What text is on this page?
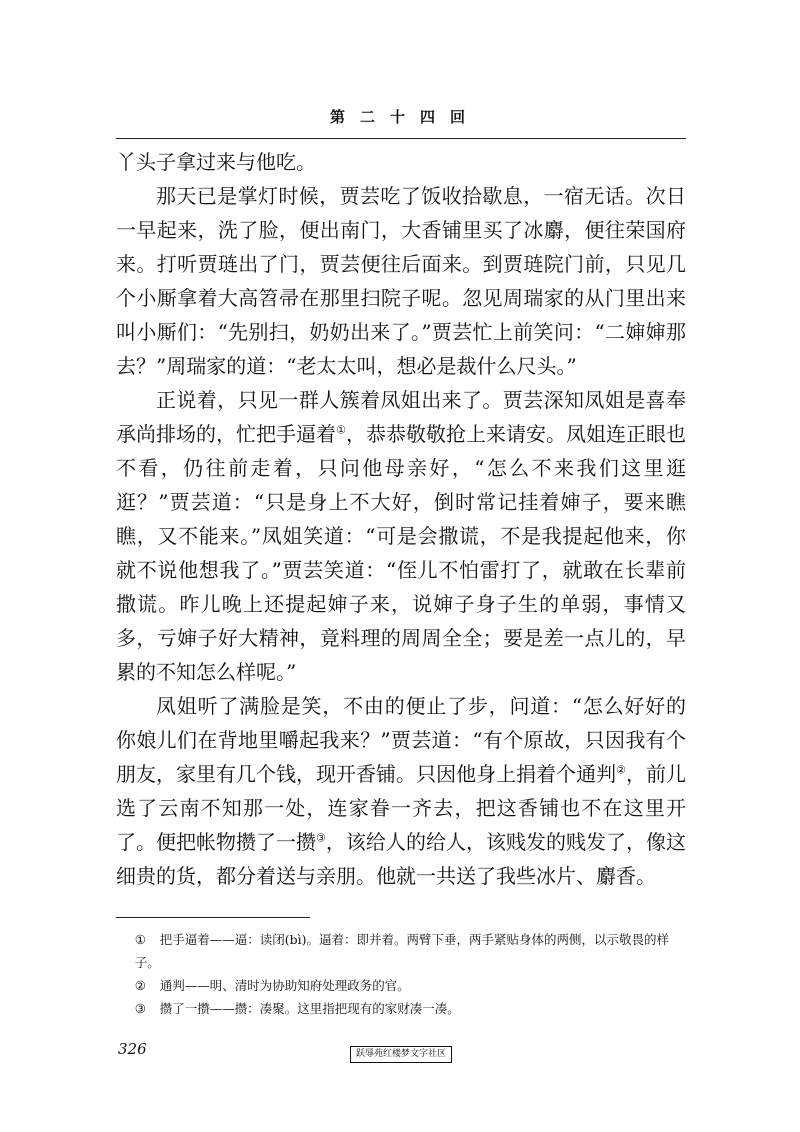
第二十四回

丫头子拿过来与他吃。

那天已是掌灯时候，贾芸吃了饭收拾歇息，一宿无话。次日一早起来，洗了脸，便出南门，大香铺里买了冰麝，便往荣国府来。打听贾琏出了门，贾芸便往后面来。到贾琏院门前，只见几个小厮拿着大高笤帚在那里扫院子呢。忽见周瑞家的从门里出来叫小厮们：“先别扫，奶奶出来了。”贾芸忙上前笑问：“二婶婶那去？”周瑞家的道：“老太太叫，想必是裁什么尺头。”

正说着，只见一群人簇着凤姐出来了。贾芸深知凤姐是喜奉承尚排场的，忙把手逼着①，恭恭敬敬抢上来请安。凤姐连正眼也不看，仍往前走着，只问他母亲好，“怎么不来我们这里逛逛？”贾芸道：“只是身上不大好，倒时常记挂着婶子，要来瞧瞧，又不能来。”凤姐笑道：“可是会撒谎，不是我提起他来，你就不说他想我了。”贾芸笑道：“侄儿不怕雷打了，就敢在长辈前撒谎。昨儿晚上还提起婶子来，说婶子身子生的单弱，事情又多，亏婶子好大精神，竟料理的周周全全；要是差一点儿的，早累的不知怎么样呢。”

凤姐听了满脸是笑，不由的便止了步，问道：“怎么好好的你娘儿们在背地里嚼起我来？”贾芸道：“有个原故，只因我有个朋友，家里有几个钱，现开香铺。只因他身上捐着个通判②，前儿选了云南不知那一处，连家眷一齐去，把这香铺也不在这里开了。便把帐物攒了一攒③，该给人的给人，该贱发的贱发了，像这细贵的货，都分着送与亲朋。他就一共送了我些冰片、麝香。

① 把手逼着——逼：读闭(bì)。逼着：即并着。两臂下垂，两手紧贴身体的两侧，以示敬畏的样子。

② 通判——明、清时为协助知府处理政务的官。

③ 攒了一攒——攒：凑聚。这里指把现有的家财凑一凑。

326	跃辱苑红楼梦文字社区
